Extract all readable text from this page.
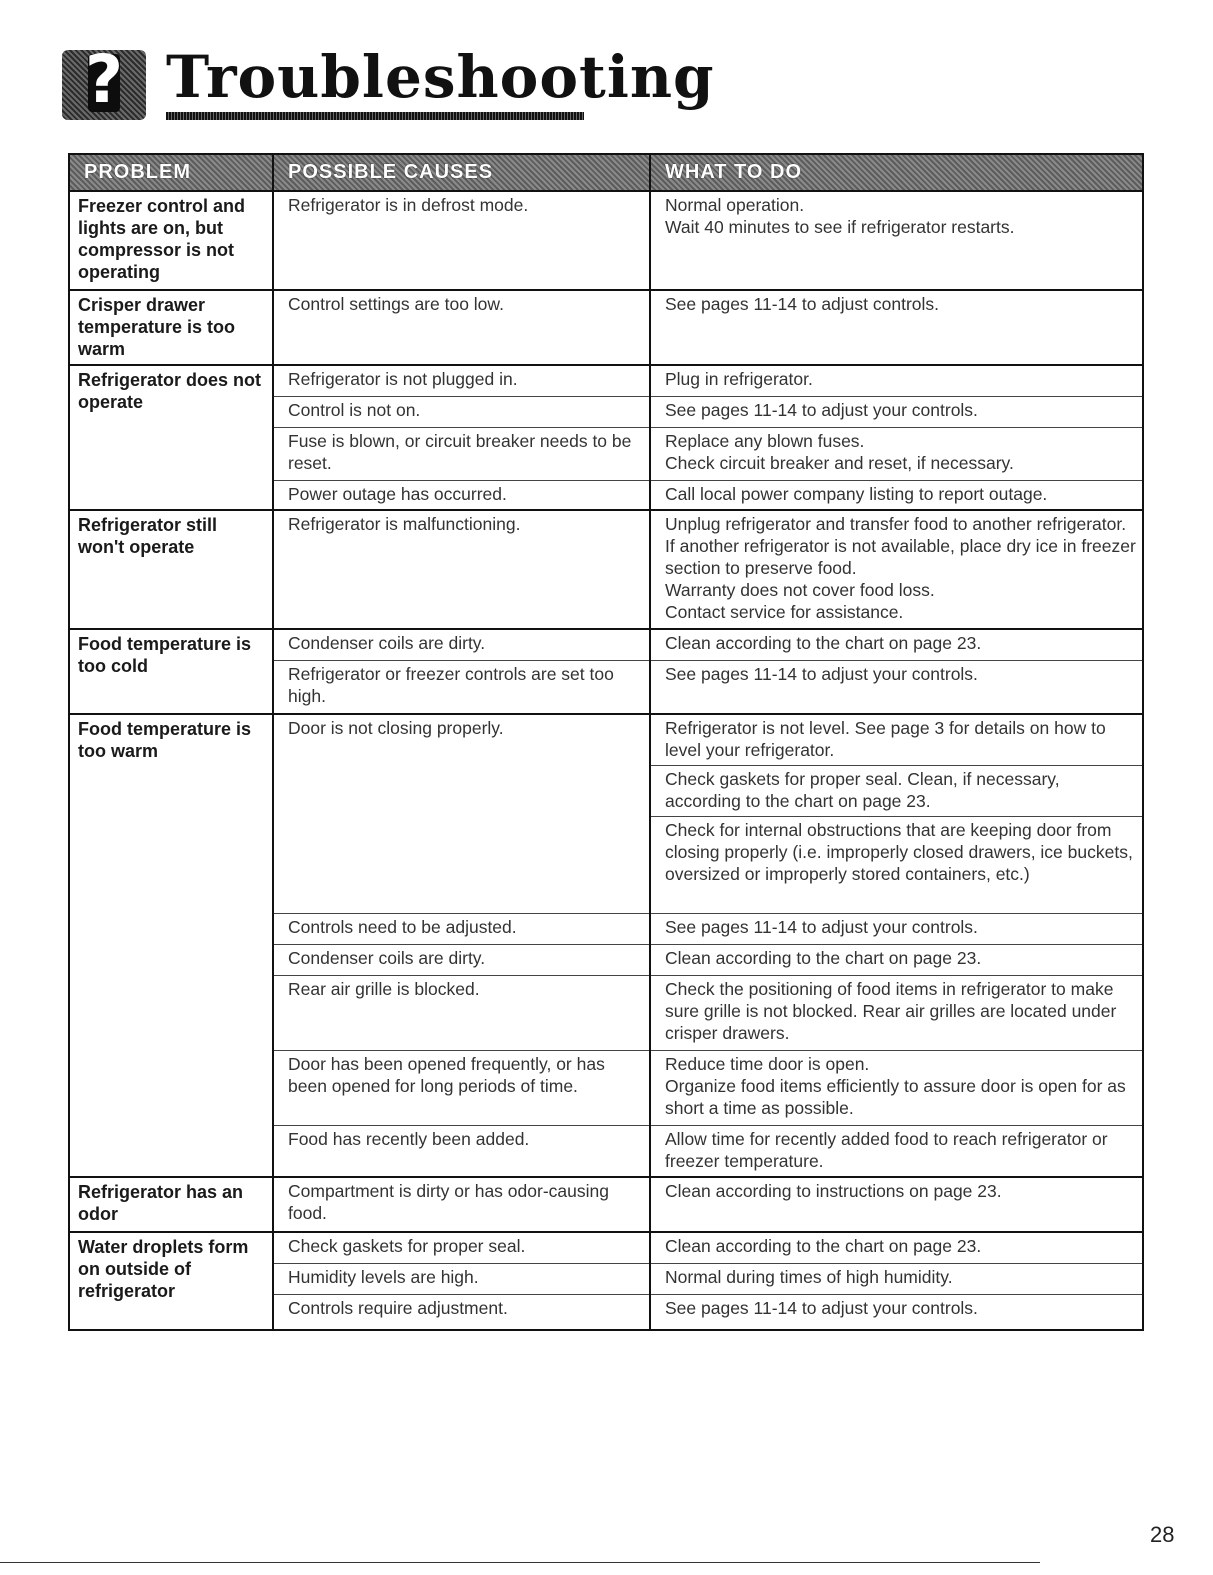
? Troubleshooting
PROBLEM	POSSIBLE CAUSES	WHAT TO DO
Freezer control and lights are on, but compressor is not operating	Refrigerator is in defrost mode.	Normal operation.
Wait 40 minutes to see if refrigerator restarts.

Crisper drawer temperature is too warm	Control settings are too low.	See pages 11-14 to adjust controls.
Refrigerator does not operate	Refrigerator is not plugged in.	Plug in refrigerator.
	Control is not on.	See pages 11-14 to adjust your controls.
	Fuse is blown, or circuit breaker needs to be reset.	Replace any blown fuses.
Check circuit breaker and reset, if necessary.

	Power outage has occurred.	Call local power company listing to report outage.
Refrigerator still won't operate	Refrigerator is malfunctioning.	Unplug refrigerator and transfer food to another refrigerator. If another refrigerator is not available, place dry ice in freezer section to preserve food.
Warranty does not cover food loss.
Contact service for assistance.

Food temperature is too cold	Condenser coils are dirty.	Clean according to the chart on page 23.
	Refrigerator or freezer controls are set too high.	See pages 11-14 to adjust your controls.
Food temperature is too warm	Door is not closing properly.	Refrigerator is not level. See page 3 for details on how to level your refrigerator.
		Check gaskets for proper seal. Clean, if necessary, according to the chart on page 23.
		Check for internal obstructions that are keeping door from closing properly (i.e. improperly closed drawers, ice buckets, oversized or improperly stored containers, etc.)
	Controls need to be adjusted.	See pages 11-14 to adjust your controls.
	Condenser coils are dirty.	Clean according to the chart on page 23.
	Rear air grille is blocked.	Check the positioning of food items in refrigerator to make sure grille is not blocked. Rear air grilles are located under crisper drawers.
	Door has been opened frequently, or has been opened for long periods of time.	Reduce time door is open.
Organize food items efficiently to assure door is open for as short a time as possible.

	Food has recently been added.	Allow time for recently added food to reach refrigerator or freezer temperature.
Refrigerator has an odor	Compartment is dirty or has odor-causing food.	Clean according to instructions on page 23.
Water droplets form on outside of refrigerator	Check gaskets for proper seal.	Clean according to the chart on page 23.
	Humidity levels are high.	Normal during times of high humidity.
	Controls require adjustment.	See pages 11-14 to adjust your controls.
28
